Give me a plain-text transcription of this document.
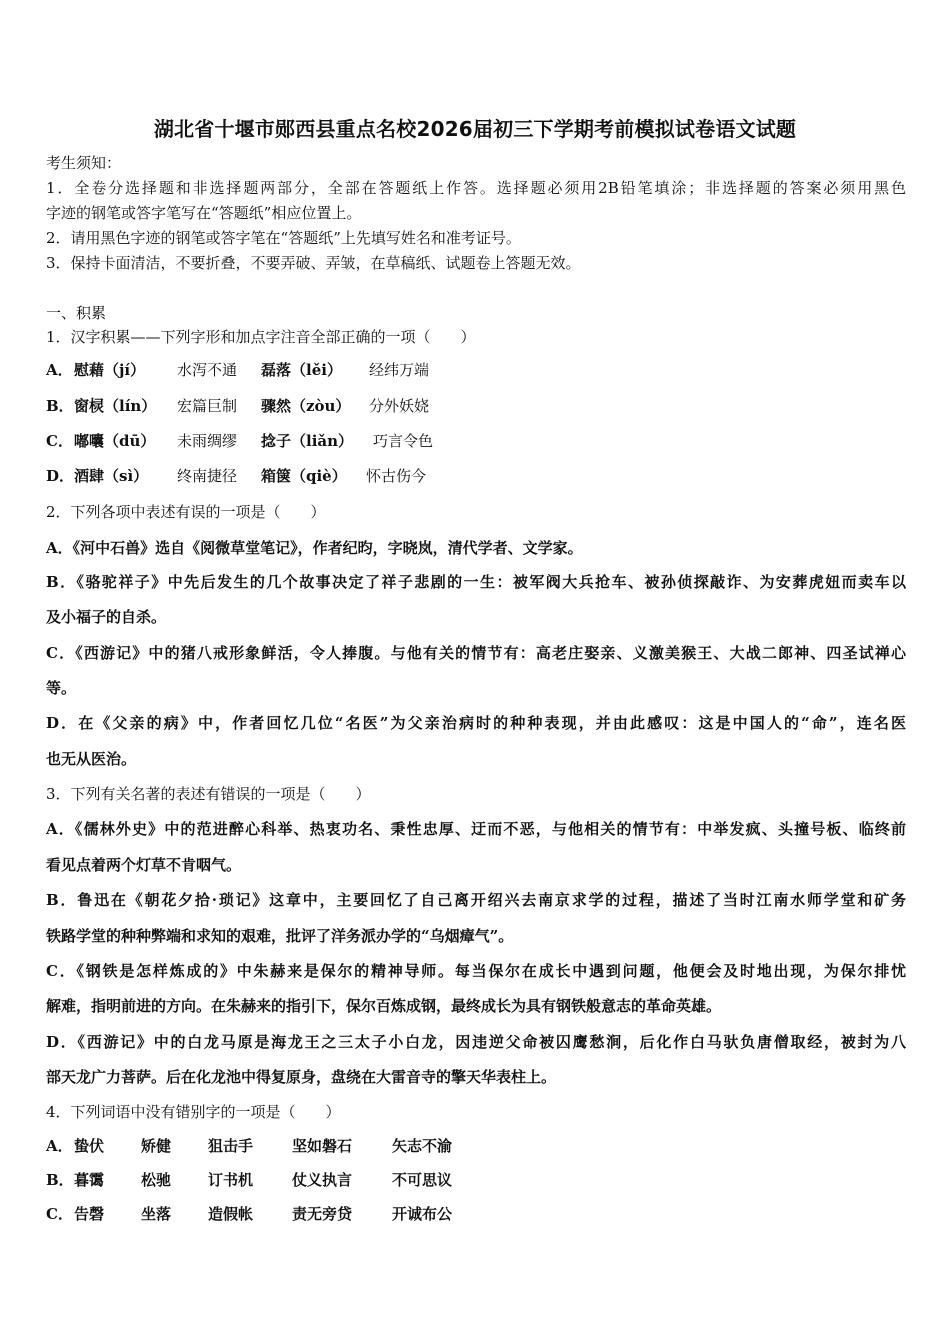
湖北省十堰市郧西县重点名校2026届初三下学期考前模拟试卷语文试题
考生须知：
1．全卷分选择题和非选择题两部分，全部在答题纸上作答。选择题必须用2B铅笔填涂；非选择题的答案必须用黑色
字迹的钢笔或答字笔写在“答题纸”相应位置上。
2．请用黑色字迹的钢笔或答字笔在“答题纸”上先填写姓名和准考证号。
3．保持卡面清洁，不要折叠，不要弄破、弄皱，在草稿纸、试题卷上答题无效。
一、积累
1．汉字积累——下列字形和加点字注音全部正确的一项（　　）
A．慰藉（jí） 水泻不通 磊落（lěi） 经纬万端
B．窗棂（lín） 宏篇巨制 骤然（zòu） 分外妖娆
C．嘟囔（dū） 未雨绸缪 捻子（liǎn） 巧言令色
D．酒肆（sì） 终南捷径 箱箧（qiè） 怀古伤今
2．下列各项中表述有误的一项是（　　）
A．《河中石兽》选自《阅微草堂笔记》，作者纪昀，字晓岚，清代学者、文学家。
B．《骆驼祥子》中先后发生的几个故事决定了祥子悲剧的一生：被军阀大兵抢车、被孙侦探敲诈、为安葬虎妞而卖车以
及小福子的自杀。
C．《西游记》中的猪八戒形象鲜活，令人捧腹。与他有关的情节有：高老庄娶亲、义激美猴王、大战二郎神、四圣试禅心
等。
D．在《父亲的病》中，作者回忆几位“名医”为父亲治病时的种种表现，并由此感叹：这是中国人的“命”，连名医
也无从医治。
3．下列有关名著的表述有错误的一项是（　　）
A．《儒林外史》中的范进醉心科举、热衷功名、秉性忠厚、迂而不恶，与他相关的情节有：中举发疯、头撞号板、临终前
看见点着两个灯草不肯咽气。
B．鲁迅在《朝花夕拾·琐记》这章中，主要回忆了自己离开绍兴去南京求学的过程，描述了当时江南水师学堂和矿务
铁路学堂的种种弊端和求知的艰难，批评了洋务派办学的“乌烟瘴气”。
C．《钢铁是怎样炼成的》中朱赫来是保尔的精神导师。每当保尔在成长中遇到问题，他便会及时地出现，为保尔排忧
解难，指明前进的方向。在朱赫来的指引下，保尔百炼成钢，最终成长为具有钢铁般意志的革命英雄。
D．《西游记》中的白龙马原是海龙王之三太子小白龙，因违逆父命被囚鹰愁涧，后化作白马驮负唐僧取经，被封为八
部天龙广力菩萨。后在化龙池中得复原身，盘绕在大雷音寺的擎天华表柱上。
4．下列词语中没有错别字的一项是（　　）
A．蛰伏 矫健 狙击手	坚如磐石	矢志不渝
B．暮霭 松驰 订书机	仗义执言	不可思议
C．告磬 坐落 造假帐	责无旁贷	开诚布公
